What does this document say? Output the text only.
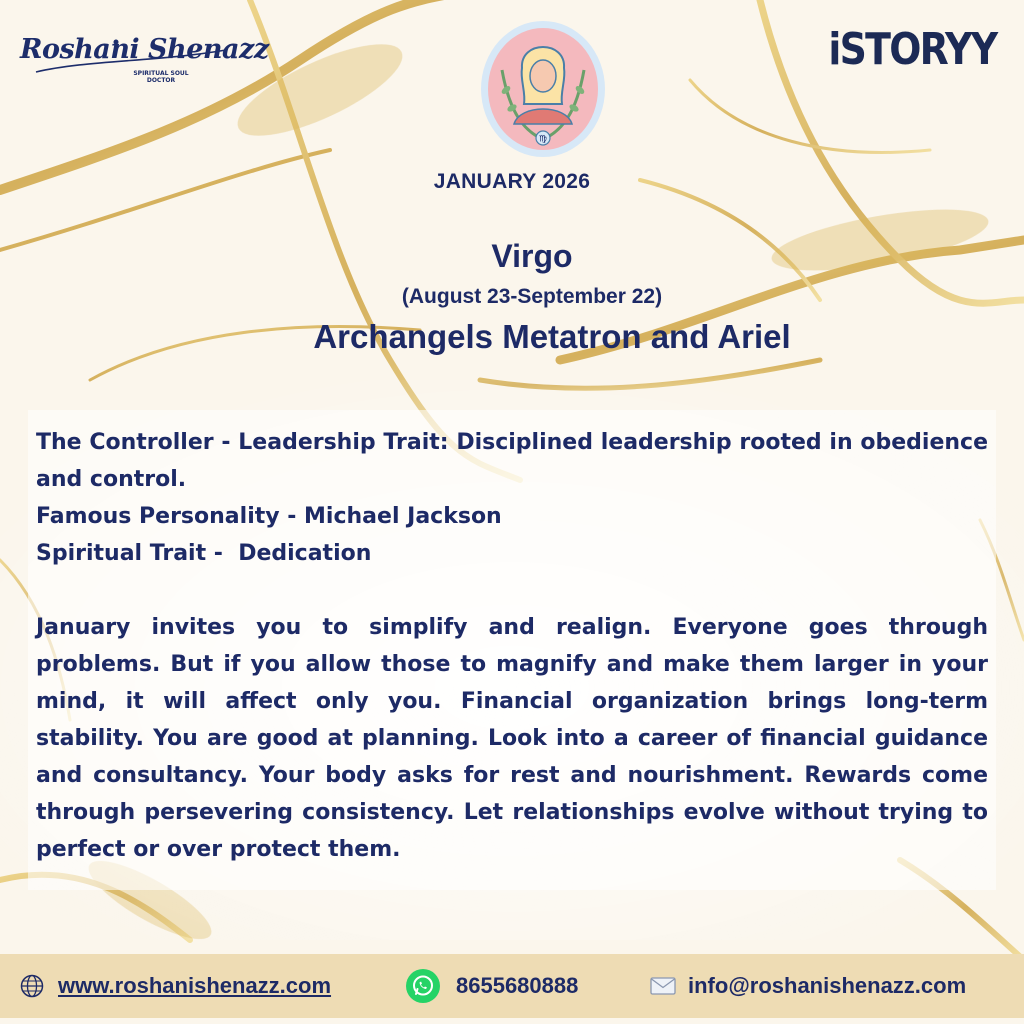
Roshani Shenazz
SPIRITUAL SOUL DOCTOR
♍
iSTORYY
JANUARY 2026
Virgo
(August 23-September 22)
Archangels Metatron and Ariel

The Controller - Leadership Trait: Disciplined leadership rooted in obedience and control.

Famous Personality - Michael Jackson

Spiritual Trait -  Dedication

January invites you to simplify and realign. Everyone goes through problems. But if you allow those to magnify and make them larger in your mind, it will affect only you. Financial organization brings long-term stability. You are good at planning. Look into a career of financial guidance and consultancy. Your body asks for rest and nourishment. Rewards come through persevering consistency. Let relationships evolve without trying to perfect or over protect them.

www.roshanishenazz.com	8655680888	info@roshanishenazz.com
